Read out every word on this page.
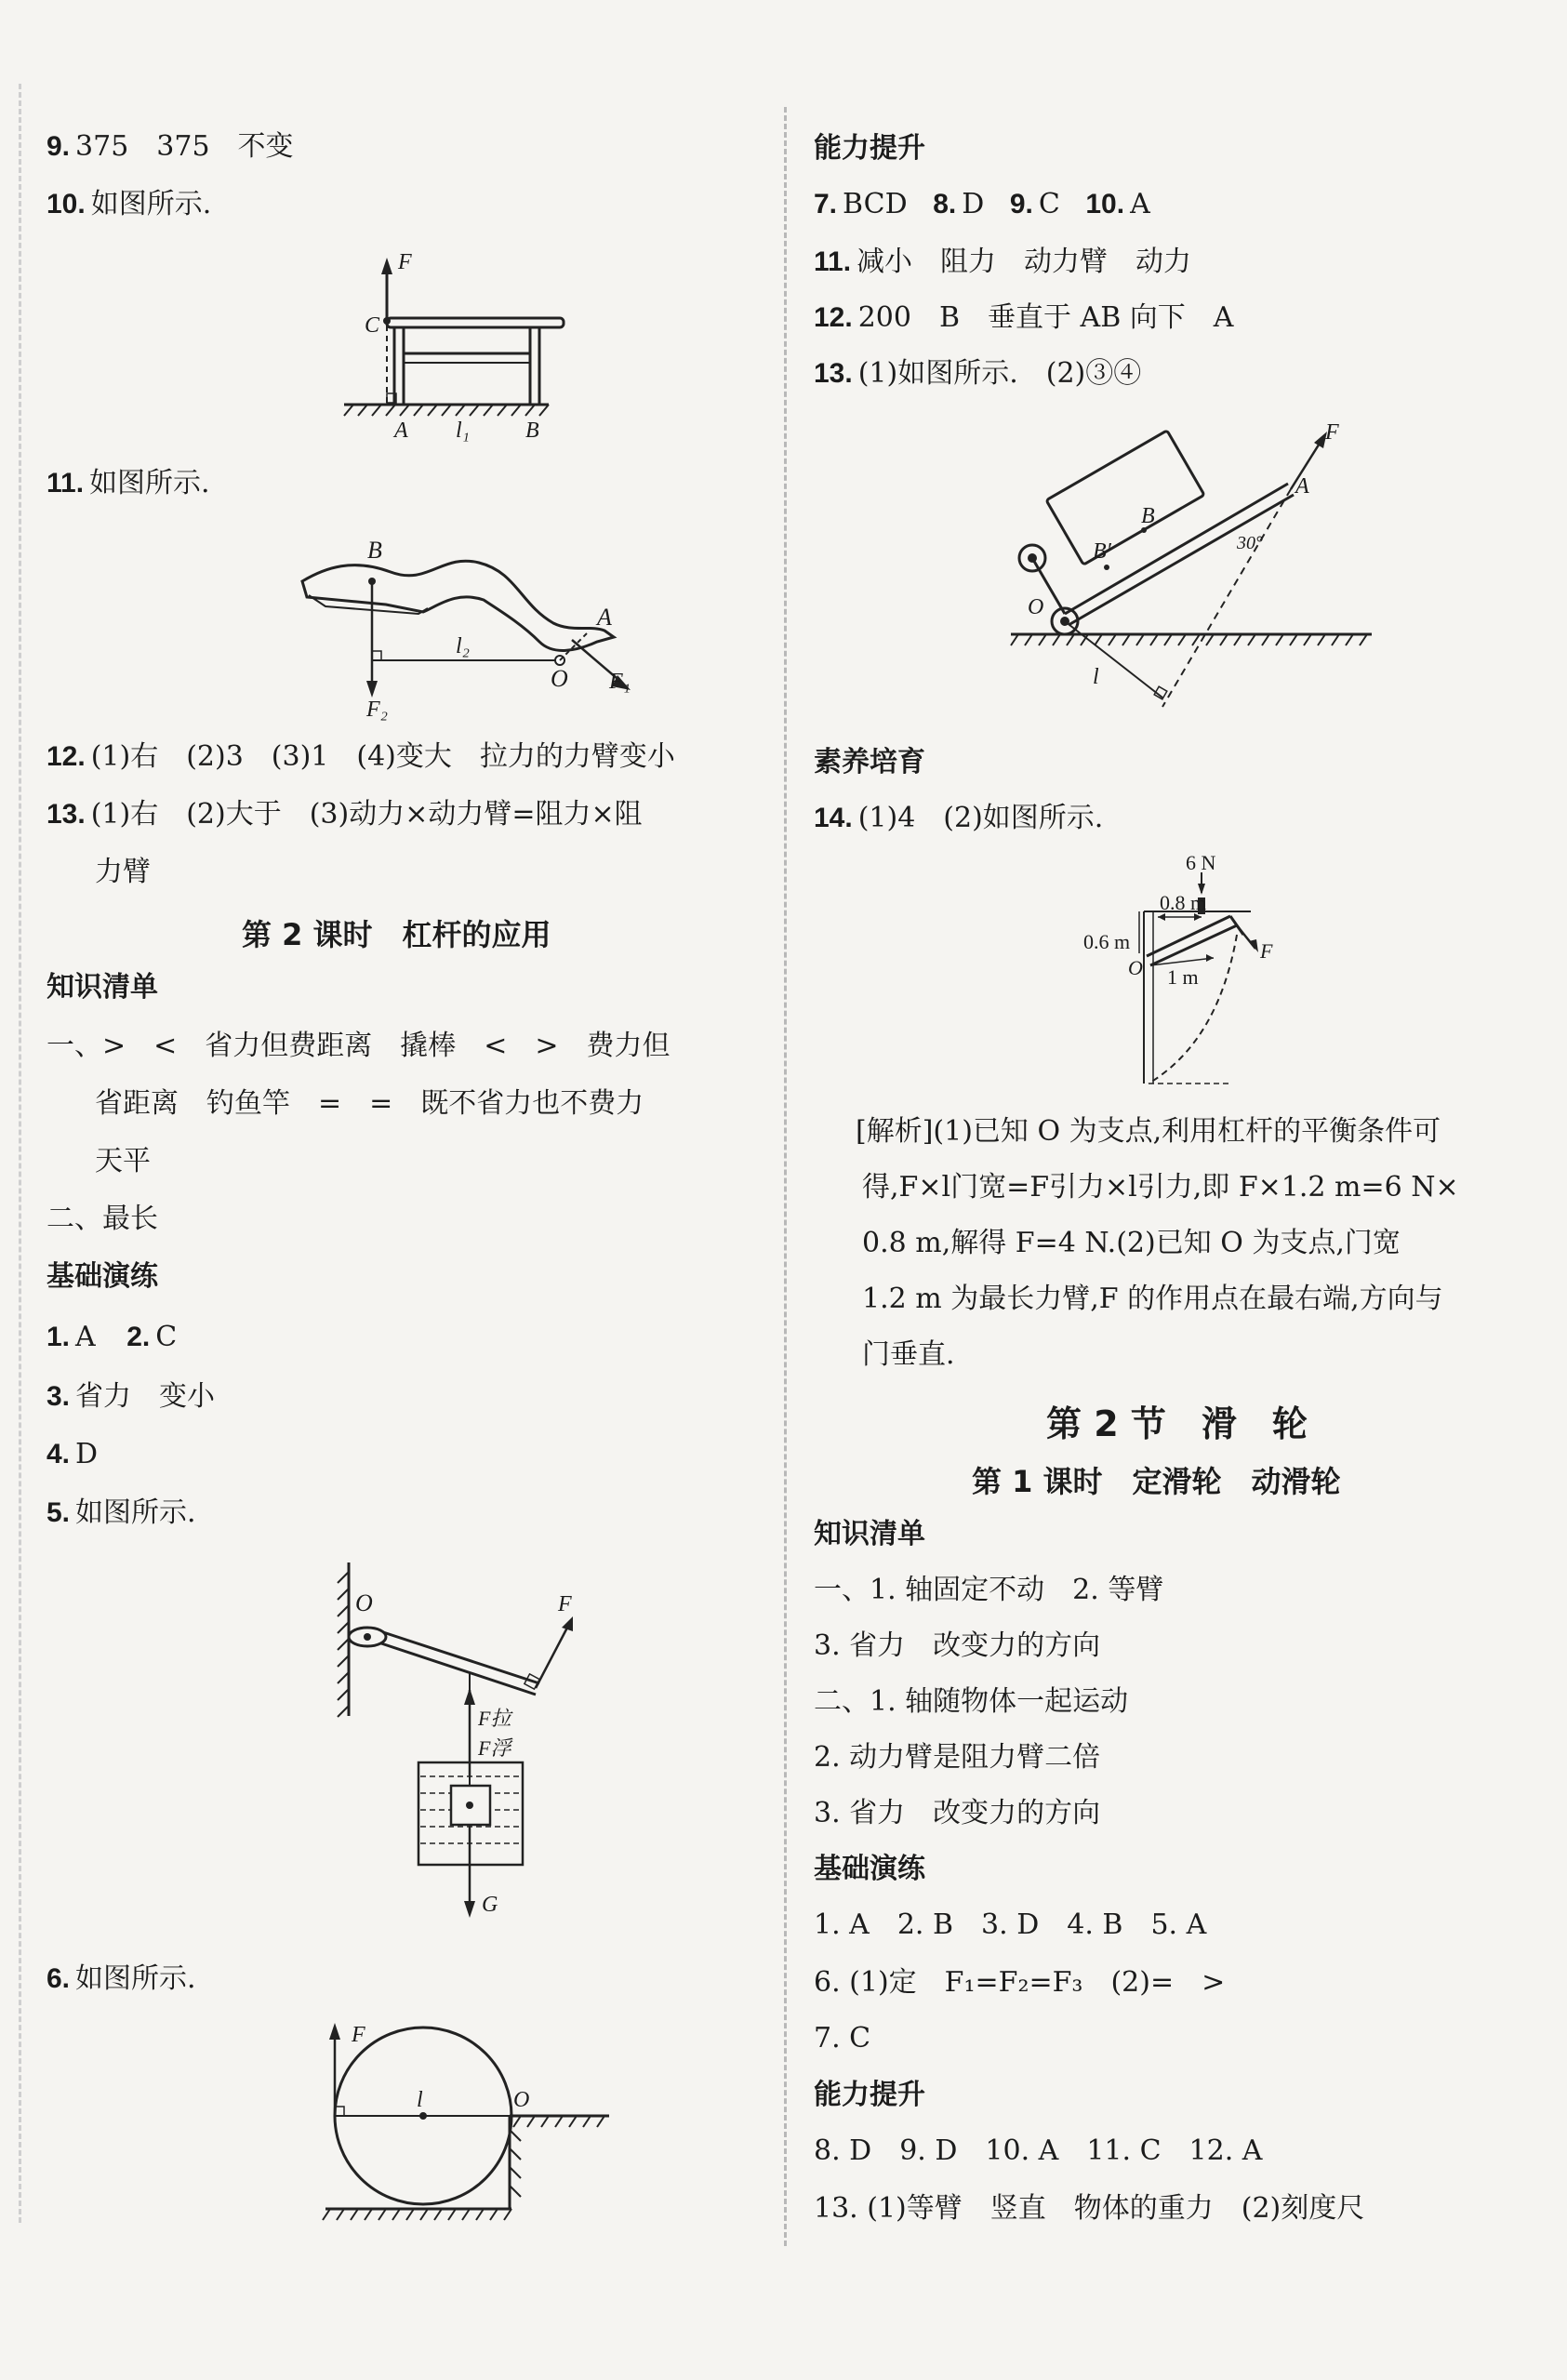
9. 375　375　不变
10. 如图所示.
F
C
A l₁ B
11. 如图所示.
B
A
O
l₂
F₁
F₂
12. (1)右　(2)3　(3)1　(4)变大　拉力的力臂变小
13. (1)右　(2)大于　(3)动力×动力臂=阻力×阻
力臂
第 2 课时　杠杆的应用
知识清单
一、>　<　省力但费距离　撬棒　<　>　费力但
省距离　钓鱼竿　=　=　既不省力也不费力
天平
二、最长
基础演练
1. A 2. C
3. 省力　变小
4. D
5. 如图所示.
O	F
F拉
F浮
G
6. 如图所示.
F
l	O
能力提升
7. BCD 8. D 9. C 10. A
11. 减小　阻力　动力臂　动力
12. 200　B　垂直于 AB 向下　A
13. (1)如图所示.　(2)③④
F
A
B
B′
O
l
30°
素养培育
14. (1)4　(2)如图所示.
6 N
0.8 m
0.6 m
O 1 m
F
[解析](1)已知 O 为支点,利用杠杆的平衡条件可
得,F×l门宽=F引力×l引力,即 F×1.2 m=6 N×
0.8 m,解得 F=4 N.(2)已知 O 为支点,门宽
1.2 m 为最长力臂,F 的作用点在最右端,方向与
门垂直.
第 2 节　滑　轮
第 1 课时　定滑轮　动滑轮
知识清单
一、1. 轴固定不动　2. 等臂
3. 省力　改变力的方向
二、1. 轴随物体一起运动
2. 动力臂是阻力臂二倍
3. 省力　改变力的方向
基础演练
1. A　2. B　3. D　4. B　5. A
6. (1)定　F₁=F₂=F₃　(2)=　>
7. C
能力提升
8. D　9. D　10. A　11. C　12. A
13. (1)等臂　竖直　物体的重力　(2)刻度尺
